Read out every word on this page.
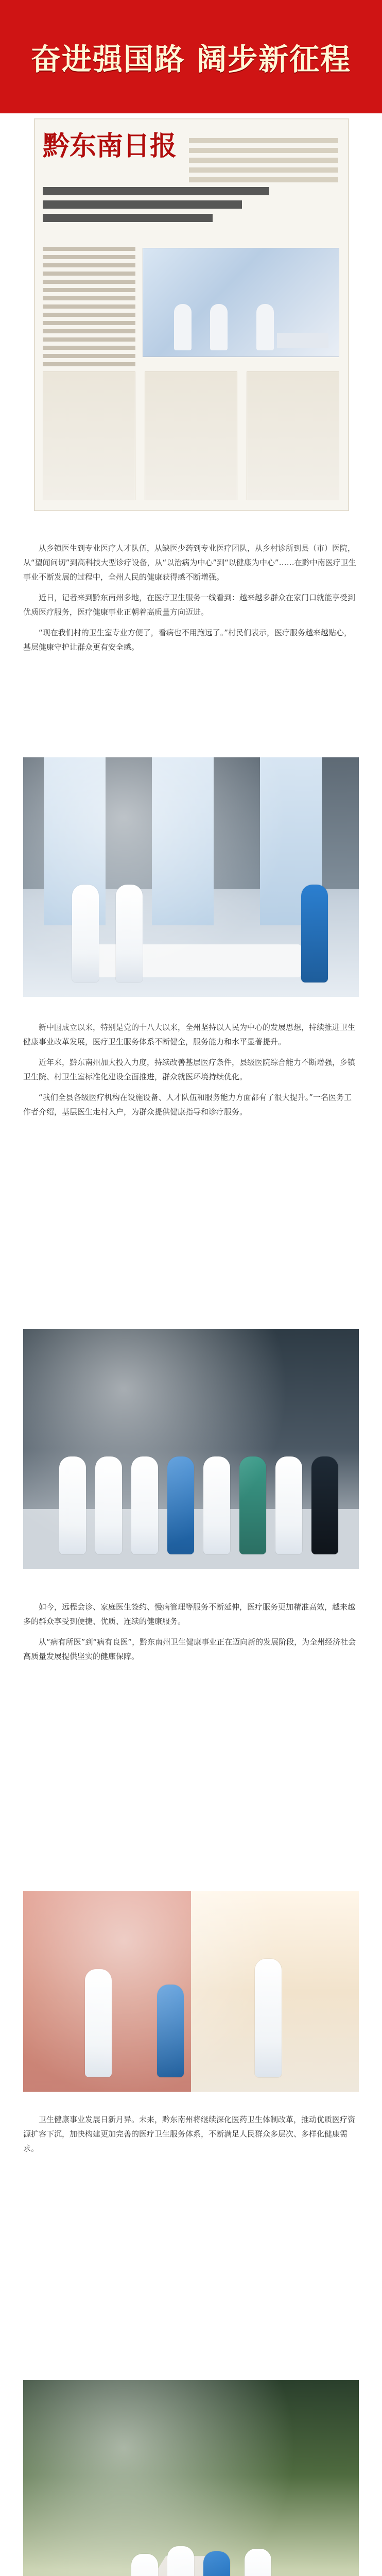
奋进强国路 阔步新征程
黔东南日报

从乡镇医生到专业医疗人才队伍，从缺医少药到专业医疗团队，从乡村诊所到县（市）医院，从“望闻问切”到高科技大型诊疗设备，从“以治病为中心”到“以健康为中心”……在黔中南医疗卫生事业不断发展的过程中，全州人民的健康获得感不断增强。

近日，记者来到黔东南州多地，在医疗卫生服务一线看到：越来越多群众在家门口就能享受到优质医疗服务，医疗健康事业正朝着高质量方向迈进。

“现在我们村的卫生室专业方便了，看病也不用跑远了。”村民们表示，医疗服务越来越贴心，基层健康守护让群众更有安全感。

新中国成立以来，特别是党的十八大以来，全州坚持以人民为中心的发展思想，持续推进卫生健康事业改革发展，医疗卫生服务体系不断健全，服务能力和水平显著提升。

近年来，黔东南州加大投入力度，持续改善基层医疗条件，县级医院综合能力不断增强，乡镇卫生院、村卫生室标准化建设全面推进，群众就医环境持续优化。

“我们全县各级医疗机构在设施设备、人才队伍和服务能力方面都有了很大提升。”一名医务工作者介绍，基层医生走村入户，为群众提供健康指导和诊疗服务。

如今，远程会诊、家庭医生签约、慢病管理等服务不断延伸，医疗服务更加精准高效，越来越多的群众享受到便捷、优质、连续的健康服务。

从“病有所医”到“病有良医”，黔东南州卫生健康事业正在迈向新的发展阶段，为全州经济社会高质量发展提供坚实的健康保障。

卫生健康事业发展日新月异。未来，黔东南州将继续深化医药卫生体制改革，推动优质医疗资源扩容下沉，加快构建更加完善的医疗卫生服务体系，不断满足人民群众多层次、多样化健康需求。
